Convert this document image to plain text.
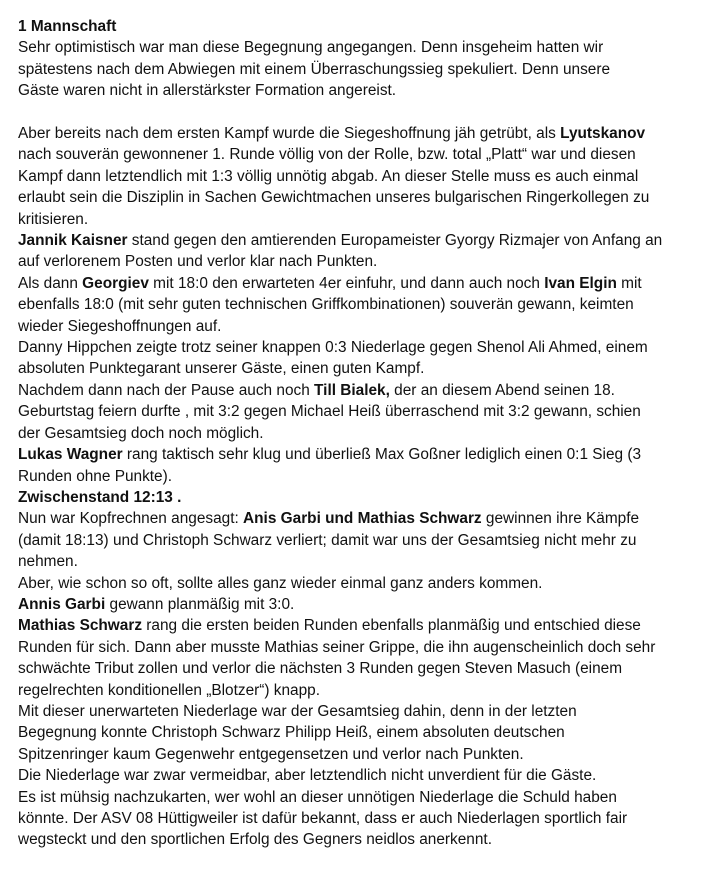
1 Mannschaft
Sehr optimistisch war man diese Begegnung angegangen. Denn insgeheim hatten wir
spätestens nach dem Abwiegen mit einem Überraschungssieg spekuliert. Denn unsere
Gäste waren nicht in allerstärkster Formation angereist.
Aber bereits nach dem ersten Kampf wurde die Siegeshoffnung jäh getrübt, als Lyutskanov
nach souverän gewonnener 1. Runde völlig von der Rolle, bzw. total „Platt“ war und diesen
Kampf dann letztendlich mit 1:3 völlig unnötig abgab. An dieser Stelle muss es auch einmal
erlaubt sein die Disziplin in Sachen Gewichtmachen unseres bulgarischen Ringerkollegen zu
kritisieren.
Jannik Kaisner stand gegen den amtierenden Europameister Gyorgy Rizmajer von Anfang an
auf verlorenem Posten und verlor klar nach Punkten.
Als dann Georgiev mit 18:0 den erwarteten 4er einfuhr, und dann auch noch Ivan Elgin mit
ebenfalls 18:0 (mit sehr guten technischen Griffkombinationen) souverän gewann, keimten
wieder Siegeshoffnungen auf.
Danny Hippchen zeigte trotz seiner knappen 0:3 Niederlage gegen Shenol Ali Ahmed, einem
absoluten Punktegarant unserer Gäste, einen guten Kampf.
Nachdem dann nach der Pause auch noch Till Bialek, der an diesem Abend seinen 18.
Geburtstag feiern durfte , mit 3:2 gegen Michael Heiß überraschend mit 3:2 gewann, schien
der Gesamtsieg doch noch möglich.
Lukas Wagner rang taktisch sehr klug und überließ Max Goßner lediglich einen 0:1 Sieg (3
Runden ohne Punkte).
Zwischenstand 12:13 .
Nun war Kopfrechnen angesagt: Anis Garbi und Mathias Schwarz gewinnen ihre Kämpfe
(damit 18:13) und Christoph Schwarz verliert; damit war uns der Gesamtsieg nicht mehr zu
nehmen.
Aber, wie schon so oft, sollte alles ganz wieder einmal ganz anders kommen.
Annis Garbi gewann planmäßig mit 3:0.
Mathias Schwarz rang die ersten beiden Runden ebenfalls planmäßig und entschied diese
Runden für sich. Dann aber musste Mathias seiner Grippe, die ihn augenscheinlich doch sehr
schwächte Tribut zollen und verlor die nächsten 3 Runden gegen Steven Masuch (einem
regelrechten konditionellen „Blotzer“) knapp.
Mit dieser unerwarteten Niederlage war der Gesamtsieg dahin, denn in der letzten
Begegnung konnte Christoph Schwarz Philipp Heiß, einem absoluten deutschen
Spitzenringer kaum Gegenwehr entgegensetzen und verlor nach Punkten.
Die Niederlage war zwar vermeidbar, aber letztendlich nicht unverdient für die Gäste.
Es ist mühsig nachzukarten, wer wohl an dieser unnötigen Niederlage die Schuld haben
könnte. Der ASV 08 Hüttigweiler ist dafür bekannt, dass er auch Niederlagen sportlich fair
wegsteckt und den sportlichen Erfolg des Gegners neidlos anerkennt.
